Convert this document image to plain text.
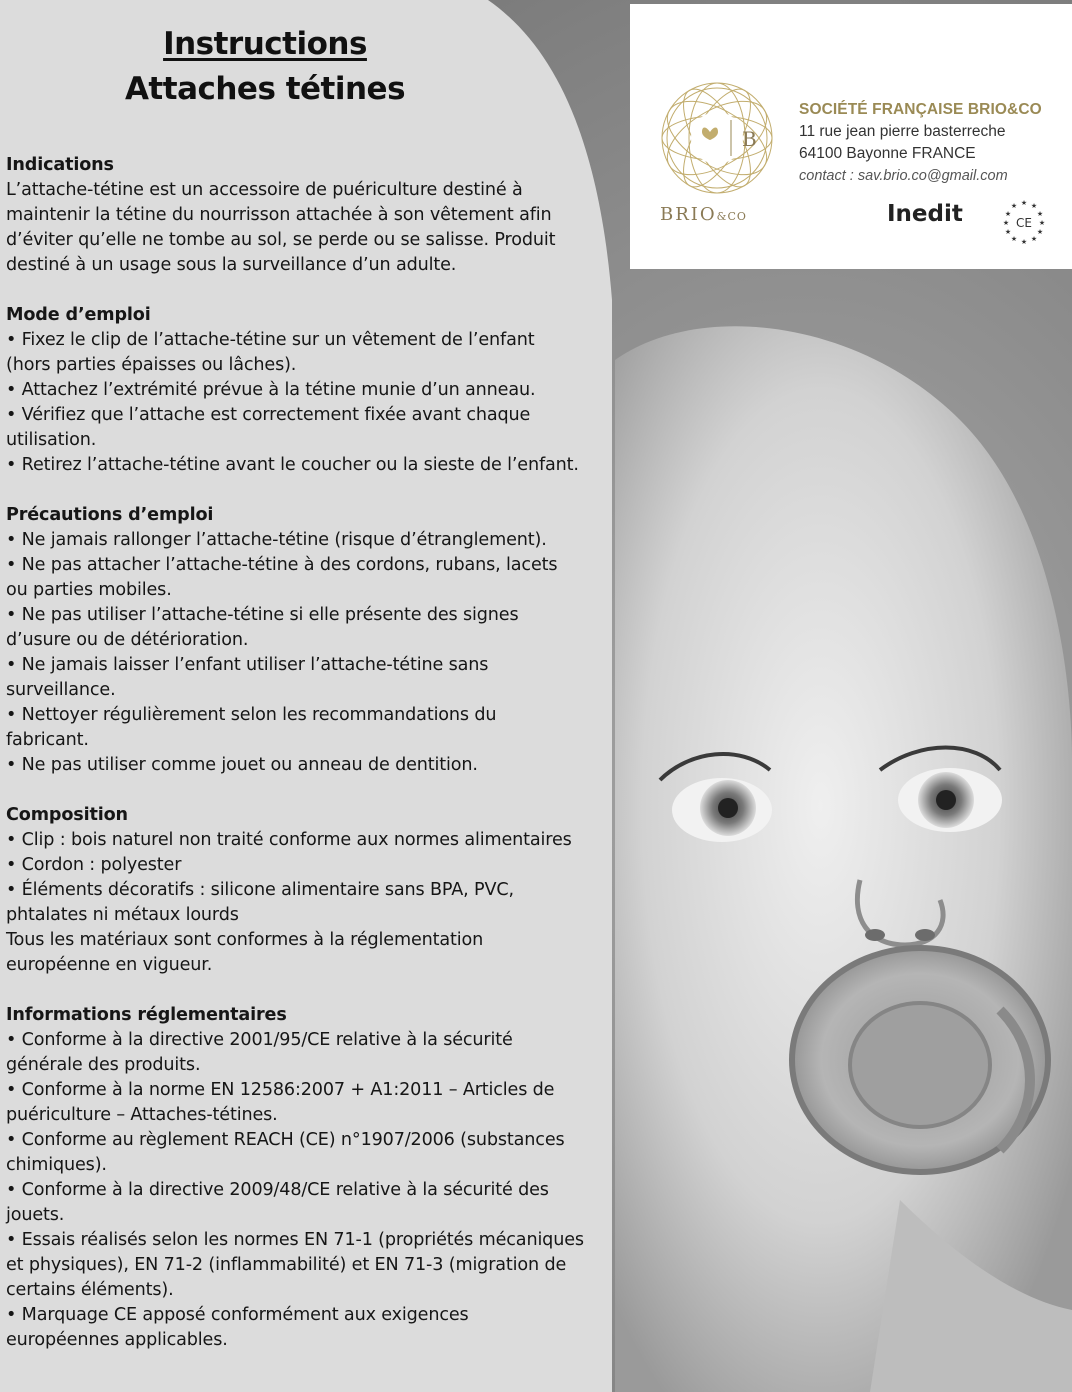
Instructions
Attaches tétines
Indications

L’attache-tétine est un accessoire de puériculture destiné à
maintenir la tétine du nourrisson attachée à son vêtement afin
d’éviter qu’elle ne tombe au sol, se perde ou se salisse. Produit
destiné à un usage sous la surveillance d’un adulte.

Mode d’emploi

• Fixez le clip de l’attache-tétine sur un vêtement de l’enfant
(hors parties épaisses ou lâches).
• Attachez l’extrémité prévue à la tétine munie d’un anneau.
• Vérifiez que l’attache est correctement fixée avant chaque
utilisation.
• Retirez l’attache-tétine avant le coucher ou la sieste de l’enfant.

Précautions d’emploi

• Ne jamais rallonger l’attache-tétine (risque d’étranglement).
• Ne pas attacher l’attache-tétine à des cordons, rubans, lacets
ou parties mobiles.
• Ne pas utiliser l’attache-tétine si elle présente des signes
d’usure ou de détérioration.
• Ne jamais laisser l’enfant utiliser l’attache-tétine sans
surveillance.
• Nettoyer régulièrement selon les recommandations du
fabricant.
• Ne pas utiliser comme jouet ou anneau de dentition.

Composition

• Clip : bois naturel non traité conforme aux normes alimentaires
• Cordon : polyester
• Éléments décoratifs : silicone alimentaire sans BPA, PVC,
phtalates ni métaux lourds
Tous les matériaux sont conformes à la réglementation
européenne en vigueur.

Informations réglementaires

• Conforme à la directive 2001/95/CE relative à la sécurité
générale des produits.
• Conforme à la norme EN 12586:2007 + A1:2011 – Articles de
puériculture – Attaches-tétines.
• Conforme au règlement REACH (CE) n°1907/2006 (substances
chimiques).
• Conforme à la directive 2009/48/CE relative à la sécurité des
jouets.
• Essais réalisés selon les normes EN 71-1 (propriétés mécaniques
et physiques), EN 71-2 (inflammabilité) et EN 71-3 (migration de
certains éléments).
• Marquage CE apposé conformément aux exigences
européennes applicables.

B
BRIO&CO
SOCIÉTÉ FRANÇAISE BRIO&CO
11 rue jean pierre basterreche
64100 Bayonne FRANCE
contact : sav.brio.co@gmail.com
Inedit	★ ★
★
★
★
★
★
★
★
★
★
★
CE
